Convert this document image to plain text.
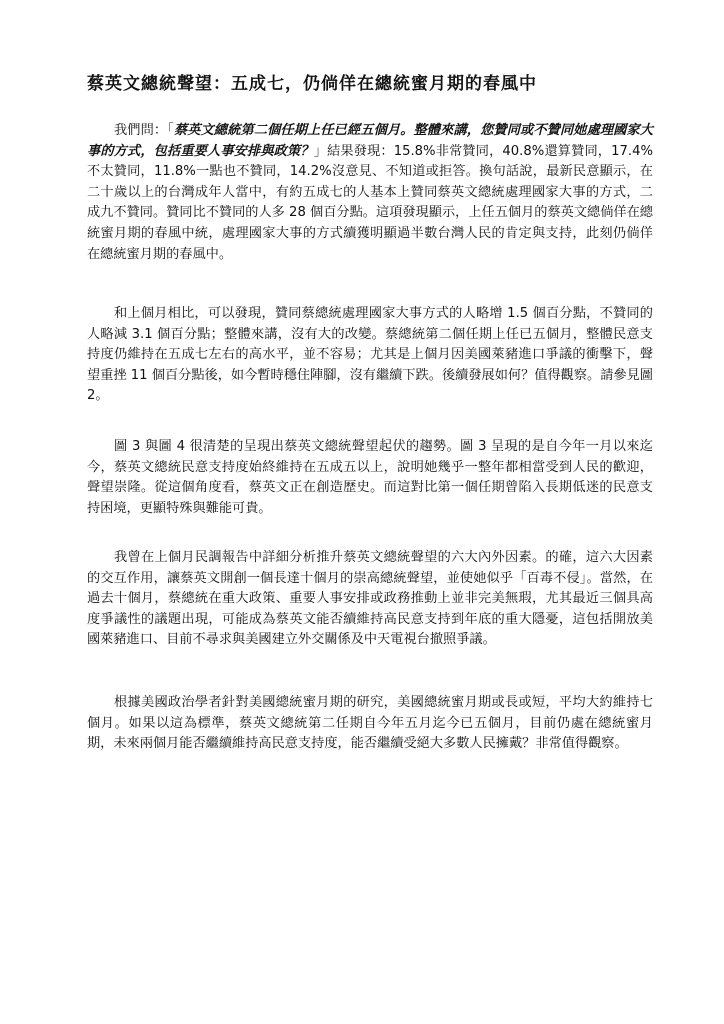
蔡英文總統聲望：五成七，仍倘佯在總統蜜月期的春風中

我們問：「蔡英文總統第二個任期上任已經五個月。整體來講，您贊同或不贊同她處理國家大事的方式，包括重要人事安排與政策？」結果發現：15.8%非常贊同，40.8%還算贊同，17.4%不太贊同，11.8%一點也不贊同，14.2%沒意見、不知道或拒答。換句話說，最新民意顯示，在二十歲以上的台灣成年人當中，有約五成七的人基本上贊同蔡英文總統處理國家大事的方式，二成九不贊同。贊同比不贊同的人多 28 個百分點。這項發現顯示，上任五個月的蔡英文總倘佯在總統蜜月期的春風中統，處理國家大事的方式續獲明顯過半數台灣人民的肯定與支持，此刻仍倘佯在總統蜜月期的春風中。

和上個月相比，可以發現，贊同蔡總統處理國家大事方式的人略增 1.5 個百分點，不贊同的人略減 3.1 個百分點；整體來講，沒有大的改變。蔡總統第二個任期上任已五個月，整體民意支持度仍維持在五成七左右的高水平，並不容易；尤其是上個月因美國萊豬進口爭議的衝擊下，聲望重挫 11 個百分點後，如今暫時穩住陣腳，沒有繼續下跌。後續發展如何？值得觀察。請參見圖 2。

圖 3 與圖 4 很清楚的呈現出蔡英文總統聲望起伏的趨勢。圖 3 呈現的是自今年一月以來迄今，蔡英文總統民意支持度始終維持在五成五以上，說明她幾乎一整年都相當受到人民的歡迎，聲望崇隆。從這個角度看，蔡英文正在創造歷史。而這對比第一個任期曾陷入長期低迷的民意支持困境，更顯特殊與難能可貴。

我曾在上個月民調報告中詳細分析推升蔡英文總統聲望的六大內外因素。的確，這六大因素的交互作用，讓蔡英文開創一個長達十個月的崇高總統聲望，並使她似乎「百毒不侵」。當然，在過去十個月，蔡總統在重大政策、重要人事安排或政務推動上並非完美無瑕，尤其最近三個具高度爭議性的議題出現，可能成為蔡英文能否續維持高民意支持到年底的重大隱憂，這包括開放美國萊豬進口、目前不尋求與美國建立外交關係及中天電視台撤照爭議。

根據美國政治學者針對美國總統蜜月期的研究，美國總統蜜月期或長或短，平均大約維持七個月。如果以這為標準，蔡英文總統第二任期自今年五月迄今已五個月，目前仍處在總統蜜月期，未來兩個月能否繼續維持高民意支持度，能否繼續受絕大多數人民擁戴？非常值得觀察。
